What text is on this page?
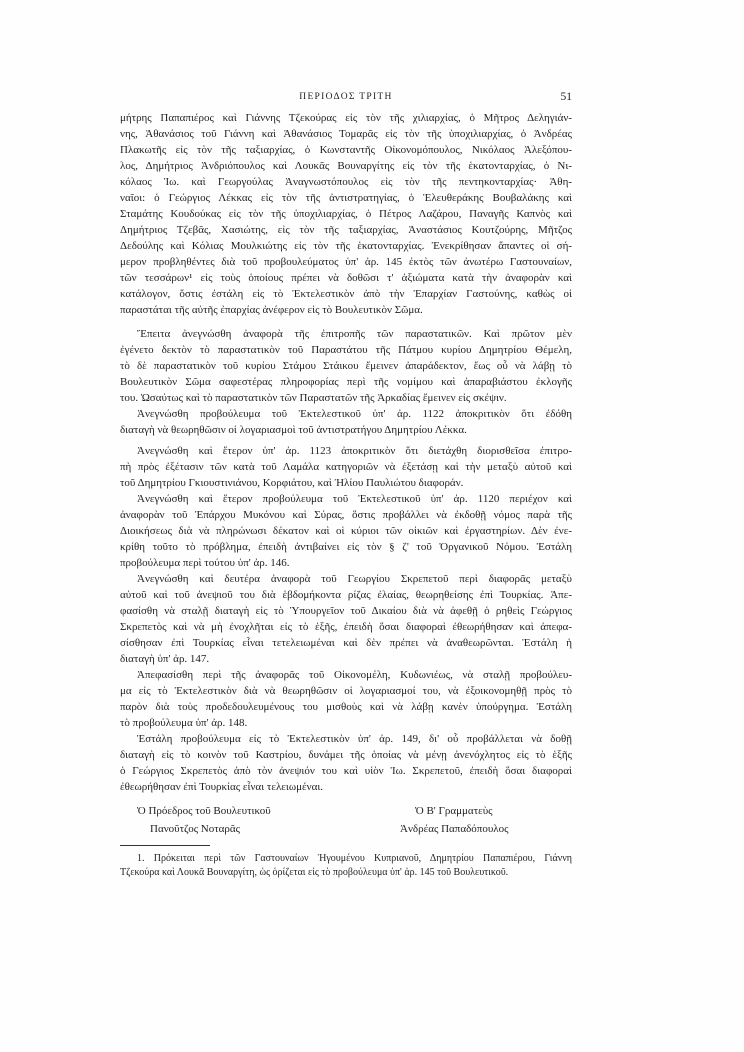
ΠΕΡΙΟΔΟΣ ΤΡΙΤΗ	51
μήτρης Παπαπιέρος καὶ Γιάννης Τζεκούρας εἰς τὸν τῆς χιλιαρχίας, ὁ Μῆτρος Δεληγιάν-
νης, Ἀθανάσιος τοῦ Γιάννη καὶ Ἀθανάσιος Τομαρᾶς εἰς τὸν τῆς ὑποχιλιαρχίας, ὁ Ἀνδρέας
Πλακωτῆς εἰς τὸν τῆς ταξιαρχίας, ὁ Κωνσταντῆς Οἰκονομόπουλος, Νικόλαος Ἀλεξόπου-
λος, Δημήτριος Ἀνδριόπουλος καὶ Λουκᾶς Βουναργίτης εἰς τὸν τῆς ἑκατονταρχίας, ὁ Νι-
κόλαος Ἰω. καὶ Γεωργούλας Ἀναγνωστόπουλος εἰς τὸν τῆς πεντηκονταρχίας· Ἀθη-
ναῖοι: ὁ Γεώργιος Λέκκας εἰς τὸν τῆς ἀντιστρατηγίας, ὁ Ἐλευθεράκης Βουβαλάκης καὶ
Σταμάτης Κουδούκας εἰς τὸν τῆς ὑποχιλιαρχίας, ὁ Πέτρος Λαζάρου, Παναγῆς Καπνὸς καὶ
Δημήτριος Τζεβᾶς, Χασιώτης, εἰς τὸν τῆς ταξιαρχίας, Ἀναστάσιος Κουτζούρης, Μῆτζος
Δεδούλης καὶ Κόλιας Μουλκιώτης εἰς τὸν τῆς ἑκατονταρχίας. Ἐνεκρίθησαν ἅπαντες οἱ σή-
μερον προβληθέντες διὰ τοῦ προβουλεύματος ὑπ' ἀρ. 145 ἐκτὸς τῶν ἀνωτέρω Γαστουναίων,
τῶν τεσσάρων¹ εἰς τοὺς ὁποίους πρέπει νὰ δοθῶσι τ' ἀξιώματα κατὰ τὴν ἀναφορὰν καὶ
κατάλογον, ὅστις ἐστάλη εἰς τὸ Ἐκτελεστικὸν ἀπὸ τὴν Ἐπαρχίαν Γαστούνης, καθὼς οἱ
παραστάται τῆς αὐτῆς ἐπαρχίας ἀνέφερον εἰς τὸ Βουλευτικὸν Σῶμα.
Ἔπειτα ἀνεγνώσθη ἀναφορὰ τῆς ἐπιτροπῆς τῶν παραστατικῶν. Καὶ πρῶτον μὲν
ἐγένετο δεκτὸν τὸ παραστατικὸν τοῦ Παραστάτου τῆς Πάτμου κυρίου Δημητρίου Θέμελη,
τὸ δὲ παραστατικὸν τοῦ κυρίου Στάμου Στάικου ἔμεινεν ἀπαράδεκτον, ἕως οὗ νὰ λάβῃ τὸ
Βουλευτικὸν Σῶμα σαφεστέρας πληροφορίας περὶ τῆς νομίμου καὶ ἀπαραβιάστου ἐκλογῆς
του. Ὡσαύτως καὶ τὸ παραστατικὸν τῶν Παραστατῶν τῆς Ἀρκαδίας ἔμεινεν εἰς σκέψιν.
Ἀνεγνώσθη προβούλευμα τοῦ Ἐκτελεστικοῦ ὑπ' ἀρ. 1122 ἀποκριτικὸν ὅτι ἐδόθη
διαταγὴ νὰ θεωρηθῶσιν οἱ λογαριασμοὶ τοῦ ἀντιστρατήγου Δημητρίου Λέκκα.
Ἀνεγνώσθη καὶ ἕτερον ὑπ' ἀρ. 1123 ἀποκριτικὸν ὅτι διετάχθη διορισθεῖσα ἐπιτρο-
πὴ πρὸς ἐξέτασιν τῶν κατὰ τοῦ Λαμάλα κατηγοριῶν νὰ ἐξετάσῃ καὶ τὴν μεταξὺ αὐτοῦ καὶ
τοῦ Δημητρίου Γκιουστινιάνου, Κορφιάτου, καὶ Ἠλίου Παυλιώτου διαφοράν.
Ἀνεγνώσθη καὶ ἕτερον προβούλευμα τοῦ Ἐκτελεστικοῦ ὑπ' ἀρ. 1120 περιέχον καὶ
ἀναφορὰν τοῦ Ἐπάρχου Μυκόνου καὶ Σύρας, ὅστις προβάλλει νὰ ἐκδοθῇ νόμος παρὰ τῆς
Διοικήσεως διὰ νὰ πληρώνωσι δέκατον καὶ οἱ κύριοι τῶν οἰκιῶν καὶ ἐργαστηρίων. Δὲν ἐνε-
κρίθη τοῦτο τὸ πρόβλημα, ἐπειδὴ ἀντιβαίνει εἰς τὸν § ζ' τοῦ Ὀργανικοῦ Νόμου. Ἐστάλη
προβούλευμα περὶ τούτου ὑπ' ἀρ. 146.
Ἀνεγνώσθη καὶ δευτέρα ἀναφορὰ τοῦ Γεωργίου Σκρεπετοῦ περὶ διαφορᾶς μεταξὺ
αὐτοῦ καὶ τοῦ ἀνεψιοῦ του διὰ ἑβδομήκοντα ρίζας ἐλαίας, θεωρηθείσης ἐπὶ Τουρκίας. Ἀπε-
φασίσθη νὰ σταλῇ διαταγὴ εἰς τὸ Ὑπουργεῖον τοῦ Δικαίου διὰ νὰ ἀφεθῇ ὁ ρηθεὶς Γεώργιος
Σκρεπετὸς καὶ νὰ μὴ ἐνοχλῆται εἰς τὸ ἑξῆς, ἐπειδὴ ὅσαι διαφοραὶ ἐθεωρήθησαν καὶ ἀπεφα-
σίσθησαν ἐπὶ Τουρκίας εἶναι τετελειωμέναι καὶ δὲν πρέπει νὰ ἀναθεωρῶνται. Ἐστάλη ἡ
διαταγὴ ὑπ' ἀρ. 147.
Ἀπεφασίσθη περὶ τῆς ἀναφορᾶς τοῦ Οἰκονομέλη, Κυδωνιέως, νὰ σταλῇ προβούλευ-
μα εἰς τὸ Ἐκτελεστικὸν διὰ νὰ θεωρηθῶσιν οἱ λογαριασμοί του, νὰ ἐξοικονομηθῇ πρὸς τὸ
παρὸν διὰ τοὺς προδεδουλευμένους του μισθοὺς καὶ νὰ λάβῃ κανὲν ὑπούργημα. Ἐστάλη
τὸ προβούλευμα ὑπ' ἀρ. 148.
Ἐστάλη προβούλευμα εἰς τὸ Ἐκτελεστικὸν ὑπ' ἀρ. 149, δι' οὗ προβάλλεται νὰ δοθῇ
διαταγὴ εἰς τὸ κοινὸν τοῦ Καστρίου, δυνάμει τῆς ὁποίας νὰ μένῃ ἀνενόχλητος εἰς τὸ ἑξῆς
ὁ Γεώργιος Σκρεπετὸς ἀπὸ τὸν ἀνεψιόν του καὶ υἱὸν Ἰω. Σκρεπετοῦ, ἐπειδὴ ὅσαι διαφοραὶ
ἐθεωρήθησαν ἐπὶ Τουρκίας εἶναι τελειωμέναι.
Ὁ Πρόεδρος τοῦ Βουλευτικοῦ
Πανοῦτζος Νοταρᾶς
Ὁ Β' Γραμματεὺς
Ἀνδρέας Παπαδόπουλος
1. Πρόκειται περὶ τῶν Γαστουναίων Ἡγουμένου Κυπριανοῦ, Δημητρίου Παπαπιέρου, Γιάννη
Τζεκούρα καὶ Λουκᾶ Βουναργίτη, ὡς ὁρίζεται εἰς τὸ προβούλευμα ὑπ' ἀρ. 145 τοῦ Βουλευτικοῦ.
